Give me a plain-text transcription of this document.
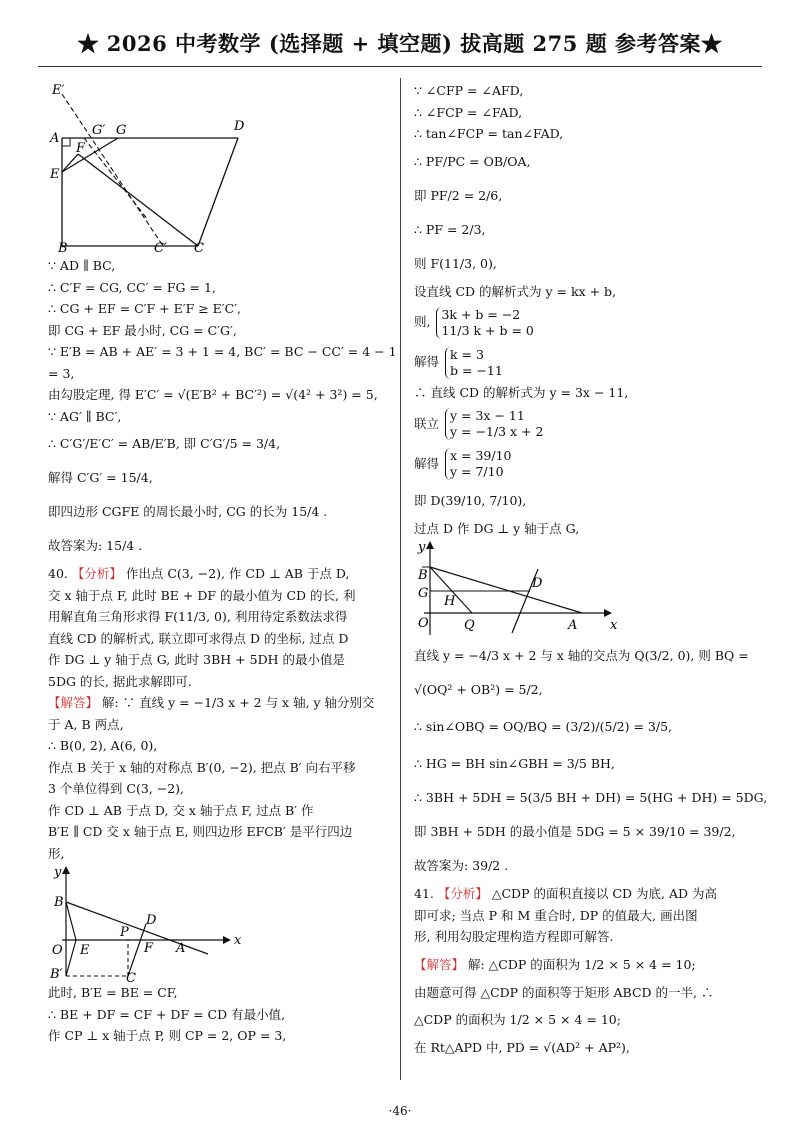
★ 2026 中考数学 (选择题 + 填空题) 拔高题 275 题 参考答案★
E′
A
G′ G	D
F
E
B	C′ C
∵ AD ∥ BC,
∴ C′F = CG, CC′ = FG = 1,
∴ CG + EF = C′F + E′F ≥ E′C′,
即 CG + EF 最小时, CG = C′G′,
∵ E′B = AB + AE′ = 3 + 1 = 4, BC′ = BC − CC′ = 4 − 1
= 3,
由勾股定理, 得 E′C′ = √(E′B² + BC′²) = √(4² + 3²) = 5,
∵ AG′ ∥ BC′,
∴ C′G′/E′C′ = AB/E′B, 即 C′G′/5 = 3/4,
解得 C′G′ = 15/4,
即四边形 CGFE 的周长最小时, CG 的长为 15/4 .
故答案为: 15/4 .
40. 【分析】 作出点 C(3, −2), 作 CD ⊥ AB 于点 D,
交 x 轴于点 F, 此时 BE + DF 的最小值为 CD 的长, 利
用解直角三角形求得 F(11/3, 0), 利用待定系数法求得
直线 CD 的解析式, 联立即可求得点 D 的坐标, 过点 D
作 DG ⊥ y 轴于点 G, 此时 3BH + 5DH 的最小值是
5DG 的长, 据此求解即可.
【解答】 解: ∵ 直线 y = −1/3 x + 2 与 x 轴, y 轴分别交
于 A, B 两点,
∴ B(0, 2), A(6, 0),
作点 B 关于 x 轴的对称点 B′(0, −2), 把点 B′ 向右平移
3 个单位得到 C(3, −2),
作 CD ⊥ AB 于点 D, 交 x 轴于点 F, 过点 B′ 作
B′E ∥ CD 交 x 轴于点 E, 则四边形 EFCB′ 是平行四边
形,
y
B
O E
P
D
F A
x
B′	C
此时, B′E = BE = CF,
∴ BE + DF = CF + DF = CD 有最小值,
作 CP ⊥ x 轴于点 P, 则 CP = 2, OP = 3,
∵ ∠CFP = ∠AFD,
∴ ∠FCP = ∠FAD,
∴ tan∠FCP = tan∠FAD,
∴ PF/PC = OB/OA,
即 PF/2 = 2/6,
∴ PF = 2/3,
则 F(11/3, 0),
设直线 CD 的解析式为 y = kx + b,
则, 3k + b = −2
11/3 k + b = 0
解得 k = 3
b = −11
∴ 直线 CD 的解析式为 y = 3x − 11,
联立 y = 3x − 11
y = −1/3 x + 2
解得 x = 39/10
y = 7/10
即 D(39/10, 7/10),
过点 D 作 DG ⊥ y 轴于点 G,
y
B
G
H
D
O	Q	A	x
直线 y = −4/3 x + 2 与 x 轴的交点为 Q(3/2, 0), 则 BQ =
√(OQ² + OB²) = 5/2,
∴ sin∠OBQ = OQ/BQ = (3/2)/(5/2) = 3/5,
∴ HG = BH sin∠GBH = 3/5 BH,
∴ 3BH + 5DH = 5(3/5 BH + DH) = 5(HG + DH) = 5DG,
即 3BH + 5DH 的最小值是 5DG = 5 × 39/10 = 39/2,
故答案为: 39/2 .
41. 【分析】 △CDP 的面积直接以 CD 为底, AD 为高
即可求; 当点 P 和 M 重合时, DP 的值最大, 画出图
形, 利用勾股定理构造方程即可解答.
【解答】 解: △CDP 的面积为 1/2 × 5 × 4 = 10;
由题意可得 △CDP 的面积等于矩形 ABCD 的一半, ∴
△CDP 的面积为 1/2 × 5 × 4 = 10;
在 Rt△APD 中, PD = √(AD² + AP²),
·46·
